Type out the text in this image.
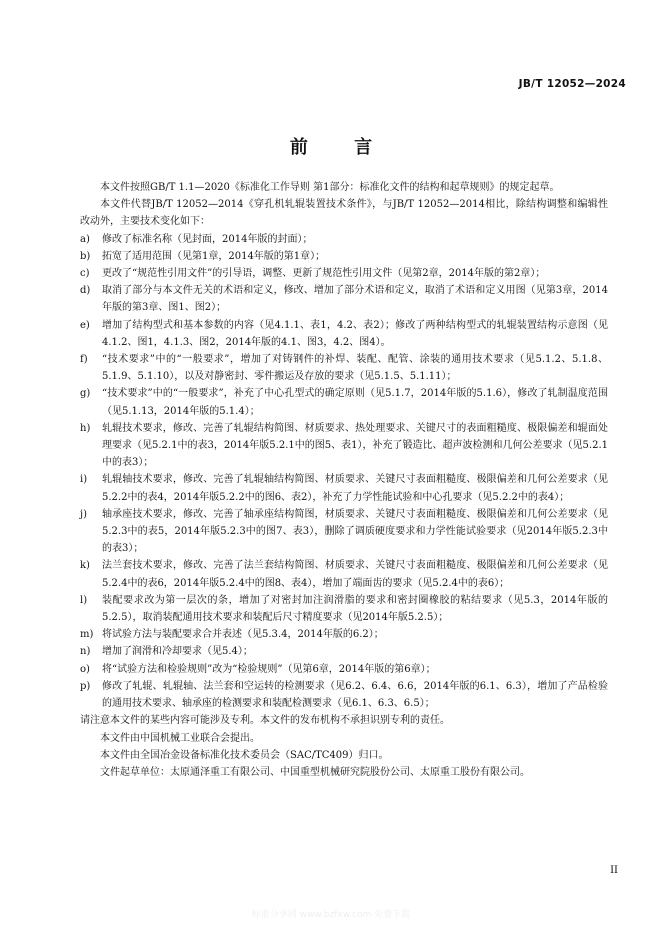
JB/T 12052—2024
前 言

本文件按照GB/T 1.1—2020《标准化工作导则 第1部分：标准化文件的结构和起草规则》的规定起草。

本文件代替JB/T 12052—2014《穿孔机轧辊装置技术条件》，与JB/T 12052—2014相比，除结构调整和编辑性改动外，主要技术变化如下：

a)	修改了标准名称（见封面，2014年版的封面）；
b)	拓宽了适用范围（见第1章，2014年版的第1章）；
c)	更改了“规范性引用文件”的引导语，调整、更新了规范性引用文件（见第2章，2014年版的第2章）；
d)	取消了部分与本文件无关的术语和定义，修改、增加了部分术语和定义，取消了术语和定义用图（见第3章，2014年版的第3章、图1、图2）；
e)	增加了结构型式和基本参数的内容（见4.1.1、表1，4.2、表2）；修改了两种结构型式的轧辊装置结构示意图（见4.1.2、图1，4.1.3、图2，2014年版的4.1、图3，4.2、图4）。
f)	“技术要求”中的“一般要求”，增加了对铸钢件的补焊、装配、配管、涂装的通用技术要求（见5.1.2、5.1.8、5.1.9、5.1.10），以及对静密封、零件搬运及存放的要求（见5.1.5、5.1.11）；
g)	“技术要求”中的“一般要求”，补充了中心孔型式的确定原则（见5.1.7，2014年版的5.1.6），修改了轧制温度范围（见5.1.13，2014年版的5.1.4）；
h)	轧辊技术要求，修改、完善了轧辊结构简图、材质要求、热处理要求、关键尺寸的表面粗糙度、极限偏差和辊面处理要求（见5.2.1中的表3，2014年版5.2.1中的图5、表1），补充了锻造比、超声波检测和几何公差要求（见5.2.1中的表3）；
i)	轧辊轴技术要求，修改、完善了轧辊轴结构简图、材质要求、关键尺寸表面粗糙度、极限偏差和几何公差要求（见5.2.2中的表4，2014年版5.2.2中的图6、表2），补充了力学性能试验和中心孔要求（见5.2.2中的表4）；
j)	轴承座技术要求，修改、完善了轴承座结构简图，材质要求、关键尺寸表面粗糙度、极限偏差和几何公差要求（见5.2.3中的表5，2014年版5.2.3中的图7、表3），删除了调质硬度要求和力学性能试验要求（见2014年版5.2.3中的表3）；
k)	法兰套技术要求，修改、完善了法兰套结构简图、材质要求、关键尺寸表面粗糙度、极限偏差和几何公差要求（见5.2.4中的表6，2014年版5.2.4中的图8、表4），增加了端面齿的要求（见5.2.4中的表6）；
l)	装配要求改为第一层次的条，增加了对密封加注润滑脂的要求和密封圈橡胶的粘结要求（见5.3，2014年版的5.2.5），取消装配通用技术要求和装配后尺寸精度要求（见2014年版5.2.5）；
m) 将试验方法与装配要求合并表述（见5.3.4，2014年版的6.2）；
n)	增加了润滑和冷却要求（见5.4）；
o)	将“试验方法和检验规则”改为“检验规则”（见第6章，2014年版的第6章）；
p)	修改了轧辊、轧辊轴、法兰套和空运转的检测要求（见6.2、6.4、6.6，2014年版的6.1、6.3），增加了产品检验的通用技术要求、轴承座的检测要求和装配检测要求（见6.1、6.3、6.5）；

请注意本文件的某些内容可能涉及专利。本文件的发布机构不承担识别专利的责任。

本文件由中国机械工业联合会提出。

本文件由全国冶金设备标准化技术委员会（SAC/TC409）归口。

文件起草单位：太原通泽重工有限公司、中国重型机械研究院股份公司、太原重工股份有限公司。

II
标准分享网 www.bzfxw.com 免费下载
